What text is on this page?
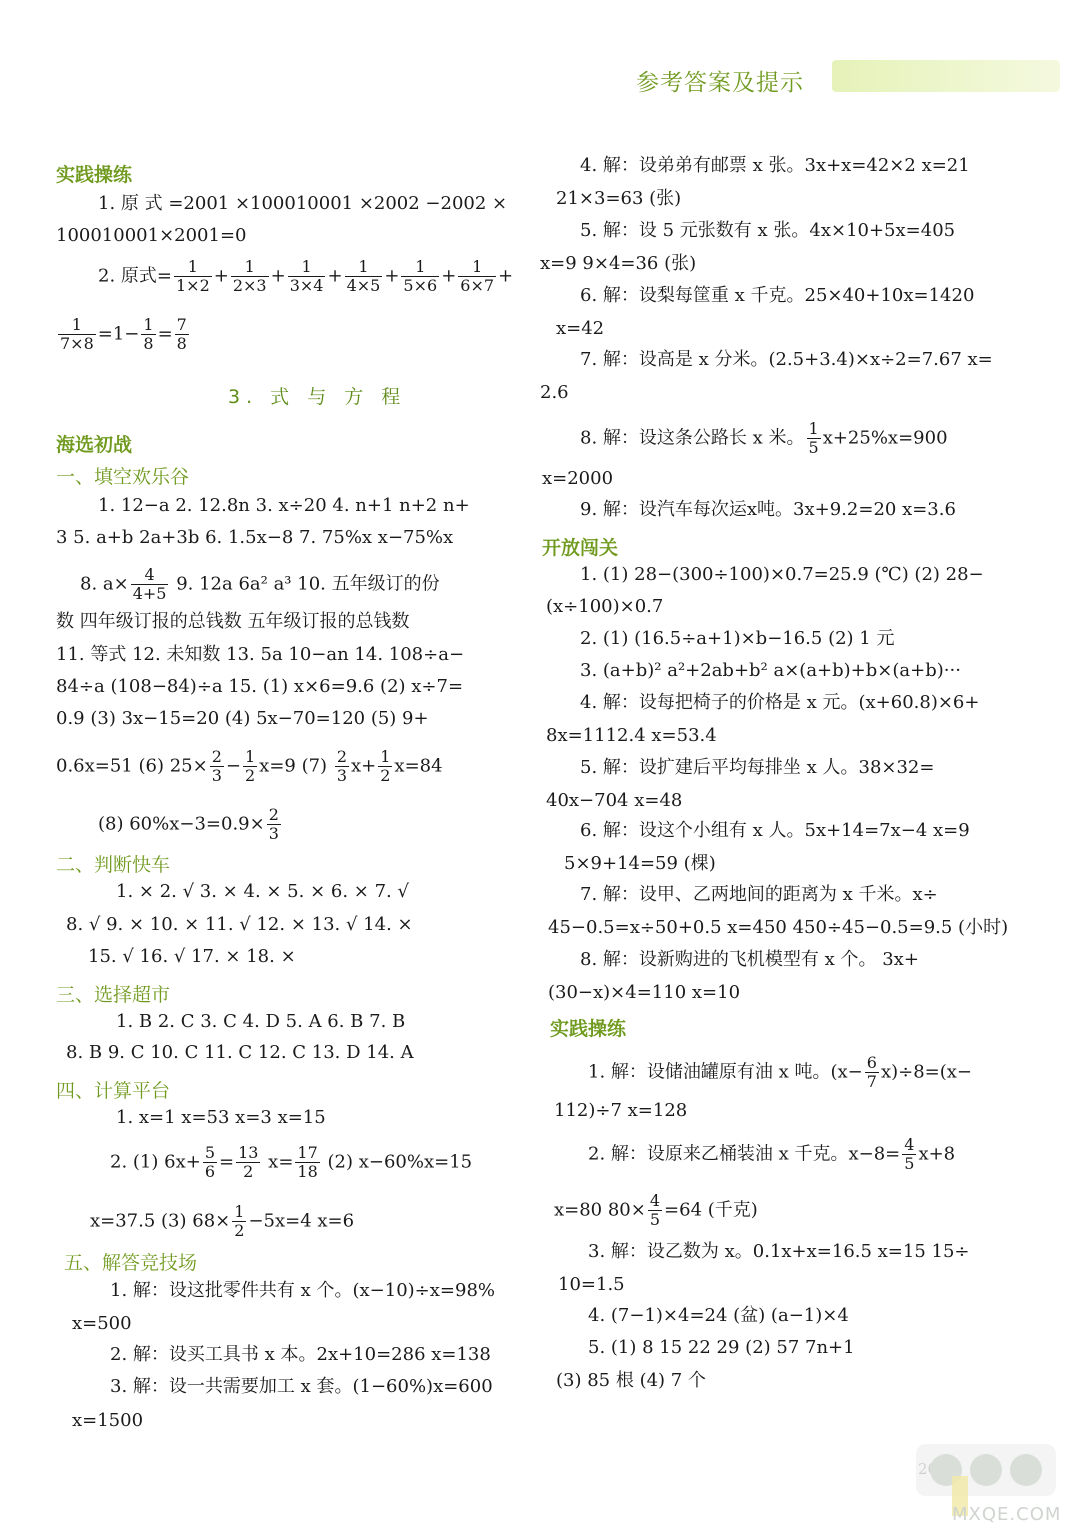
参考答案及提示
实践操练
1. 原 式 =2001 ×100010001 ×2002 −2002 ×
100010001×2001=0
2. 原式= $\frac{1}{1\times 2} + \frac{1}{2\times 3} + \frac{1}{3\times 4} + \frac{1}{4\times 5} + \frac{1}{5\times 6} + \frac{1}{6\times 7}$ +
$\frac{1}{7\times 8} =1- \frac{1}{8} = \frac{7}{8}$
3. 式 与 方 程
海选初战
一、填空欢乐谷
1. 12−a 2. 12.8n 3. x÷20 4. n+1 n+2 n+
3 5. a+b 2a+3b 6. 1.5x−8 7. 75%x x−75%x
8. $a\times \frac{4}{4+5} 9$. 12a 6a² a³ 10. 五年级订的份
数 四年级订报的总钱数 五年级订报的总钱数
11. 等式 12. 未知数 13. 5a 10−an 14. 108÷a−
84÷a (108−84)÷a 15. (1) x×6=9.6 (2) x÷7=
0.9 (3) 3x−15=20 (4) 5x−70=120 (5) 9+
0.6x=51 (6) $25\times \frac{2}{3} - \frac{1}{2} x=9$ $(7) \frac{2}{3} x+ \frac{1}{2} x=84$
(8) $60\%x-3=0.9\times \frac{2}{3}$
二、判断快车
1. × 2. √ 3. × 4. × 5. × 6. × 7. √
8. √ 9. × 10. × 11. √ 12. × 13. √ 14. ×
15. √ 16. √ 17. × 18. ×
三、选择超市
1. B 2. C 3. C 4. D 5. A 6. B 7. B
8. B 9. C 10. C 11. C 12. C 13. D 14. A
四、计算平台
1. x=1 x=53 x=3 x=15
2. (1) $6x+ \frac{5}{6} = \frac{13}{2} x= \frac{17}{18} (2)$ x−60%x=15
x=37.5 (3) $68\times \frac{1}{2} -5x=4$ x=6
五、解答竞技场
1. 解：设这批零件共有 x 个。(x−10)÷x=98%
x=500
2. 解：设买工具书 x 本。2x+10=286 x=138
3. 解：设一共需要加工 x 套。(1−60%)x=600
x=1500
4. 解：设弟弟有邮票 x 张。3x+x=42×2 x=21
21×3=63 (张)
5. 解：设 5 元张数有 x 张。4x×10+5x=405
x=9 9×4=36 (张)
6. 解：设梨每筐重 x 千克。25×40+10x=1420
x=42
7. 解：设高是 x 分米。(2.5+3.4)×x÷2=7.67 x=
2.6
8. 解：设这条公路长 x 米。 $\frac{1}{5} x+25\%x=900$
x=2000
9. 解：设汽车每次运x吨。3x+9.2=20 x=3.6
开放闯关
1. (1) 28−(300÷100)×0.7=25.9 (℃) (2) 28−
(x÷100)×0.7
2. (1) (16.5÷a+1)×b−16.5 (2) 1 元
3. (a+b)² a²+2ab+b² a×(a+b)+b×(a+b)···
4. 解：设每把椅子的价格是 x 元。(x+60.8)×6+
8x=1112.4 x=53.4
5. 解：设扩建后平均每排坐 x 人。38×32=
40x−704 x=48
6. 解：设这个小组有 x 人。5x+14=7x−4 x=9
5×9+14=59 (棵)
7. 解：设甲、乙两地间的距离为 x 千米。x÷
45−0.5=x÷50+0.5 x=450 450÷45−0.5=9.5 (小时)
8. 解：设新购进的飞机模型有 x 个。 3x+
(30−x)×4=110 x=10
实践操练
1. 解：设储油罐原有油 x 吨。$(x- \frac{6}{7} x)\div 8=(x-$
112)÷7 x=128
2. 解：设原来乙桶装油 x 千克。$x-8= \frac{4}{5} x+8$
x=80 $80\times \frac{4}{5} =64$ (千克)
3. 解：设乙数为 x。0.1x+x=16.5 x=15 15÷
10=1.5
4. (7−1)×4=24 (盆) (a−1)×4
5. (1) 8 15 22 29 (2) 57 7n+1
(3) 85 根 (4) 7 个
MXQE.COM
